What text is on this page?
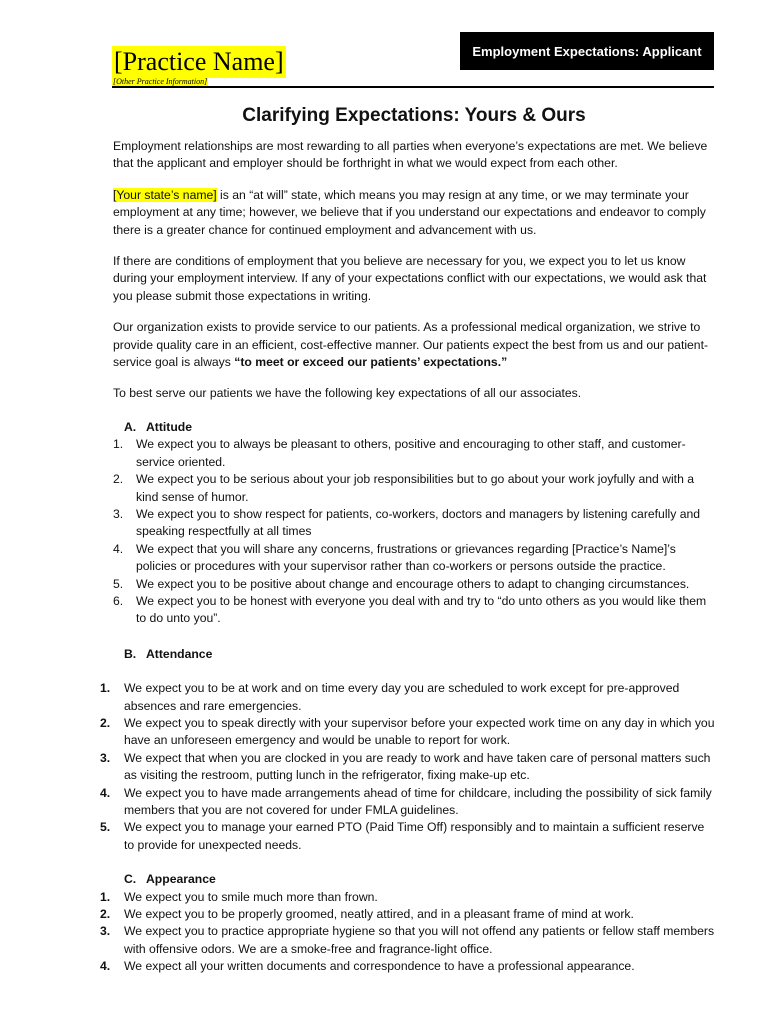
[Practice Name]
[Other Practice Information]
Employment Expectations: Applicant
Clarifying Expectations: Yours & Ours

Employment relationships are most rewarding to all parties when everyone’s expectations are met. We believe that the applicant and employer should be forthright in what we would expect from each other.

[Your state’s name] is an “at will” state, which means you may resign at any time, or we may terminate your employment at any time; however, we believe that if you understand our expectations and endeavor to comply there is a greater chance for continued employment and advancement with us.

If there are conditions of employment that you believe are necessary for you, we expect you to let us know during your employment interview. If any of your expectations conflict with our expectations, we would ask that you please submit those expectations in writing.

Our organization exists to provide service to our patients. As a professional medical organization, we strive to provide quality care in an efficient, cost-effective manner. Our patients expect the best from us and our patient-service goal is always “to meet or exceed our patients’ expectations.”

To best serve our patients we have the following key expectations of all our associates.

A. Attitude
1. We expect you to always be pleasant to others, positive and encouraging to other staff, and customer-service oriented.
2. We expect you to be serious about your job responsibilities but to go about your work joyfully and with a kind sense of humor.
3. We expect you to show respect for patients, co-workers, doctors and managers by listening carefully and speaking respectfully at all times
4. We expect that you will share any concerns, frustrations or grievances regarding [Practice’s Name]’s policies or procedures with your supervisor rather than co-workers or persons outside the practice.
5. We expect you to be positive about change and encourage others to adapt to changing circumstances.
6. We expect you to be honest with everyone you deal with and try to “do unto others as you would like them to do unto you”.
B. Attendance
1. We expect you to be at work and on time every day you are scheduled to work except for pre-approved absences and rare emergencies.
2. We expect you to speak directly with your supervisor before your expected work time on any day in which you have an unforeseen emergency and would be unable to report for work.
3. We expect that when you are clocked in you are ready to work and have taken care of personal matters such as visiting the restroom, putting lunch in the refrigerator, fixing make-up etc.
4. We expect you to have made arrangements ahead of time for childcare, including the possibility of sick family members that you are not covered for under FMLA guidelines.
5. We expect you to manage your earned PTO (Paid Time Off) responsibly and to maintain a sufficient reserve to provide for unexpected needs.
C. Appearance
1. We expect you to smile much more than frown.
2. We expect you to be properly groomed, neatly attired, and in a pleasant frame of mind at work.
3. We expect you to practice appropriate hygiene so that you will not offend any patients or fellow staff members with offensive odors. We are a smoke-free and fragrance-light office.
4. We expect all your written documents and correspondence to have a professional appearance.
